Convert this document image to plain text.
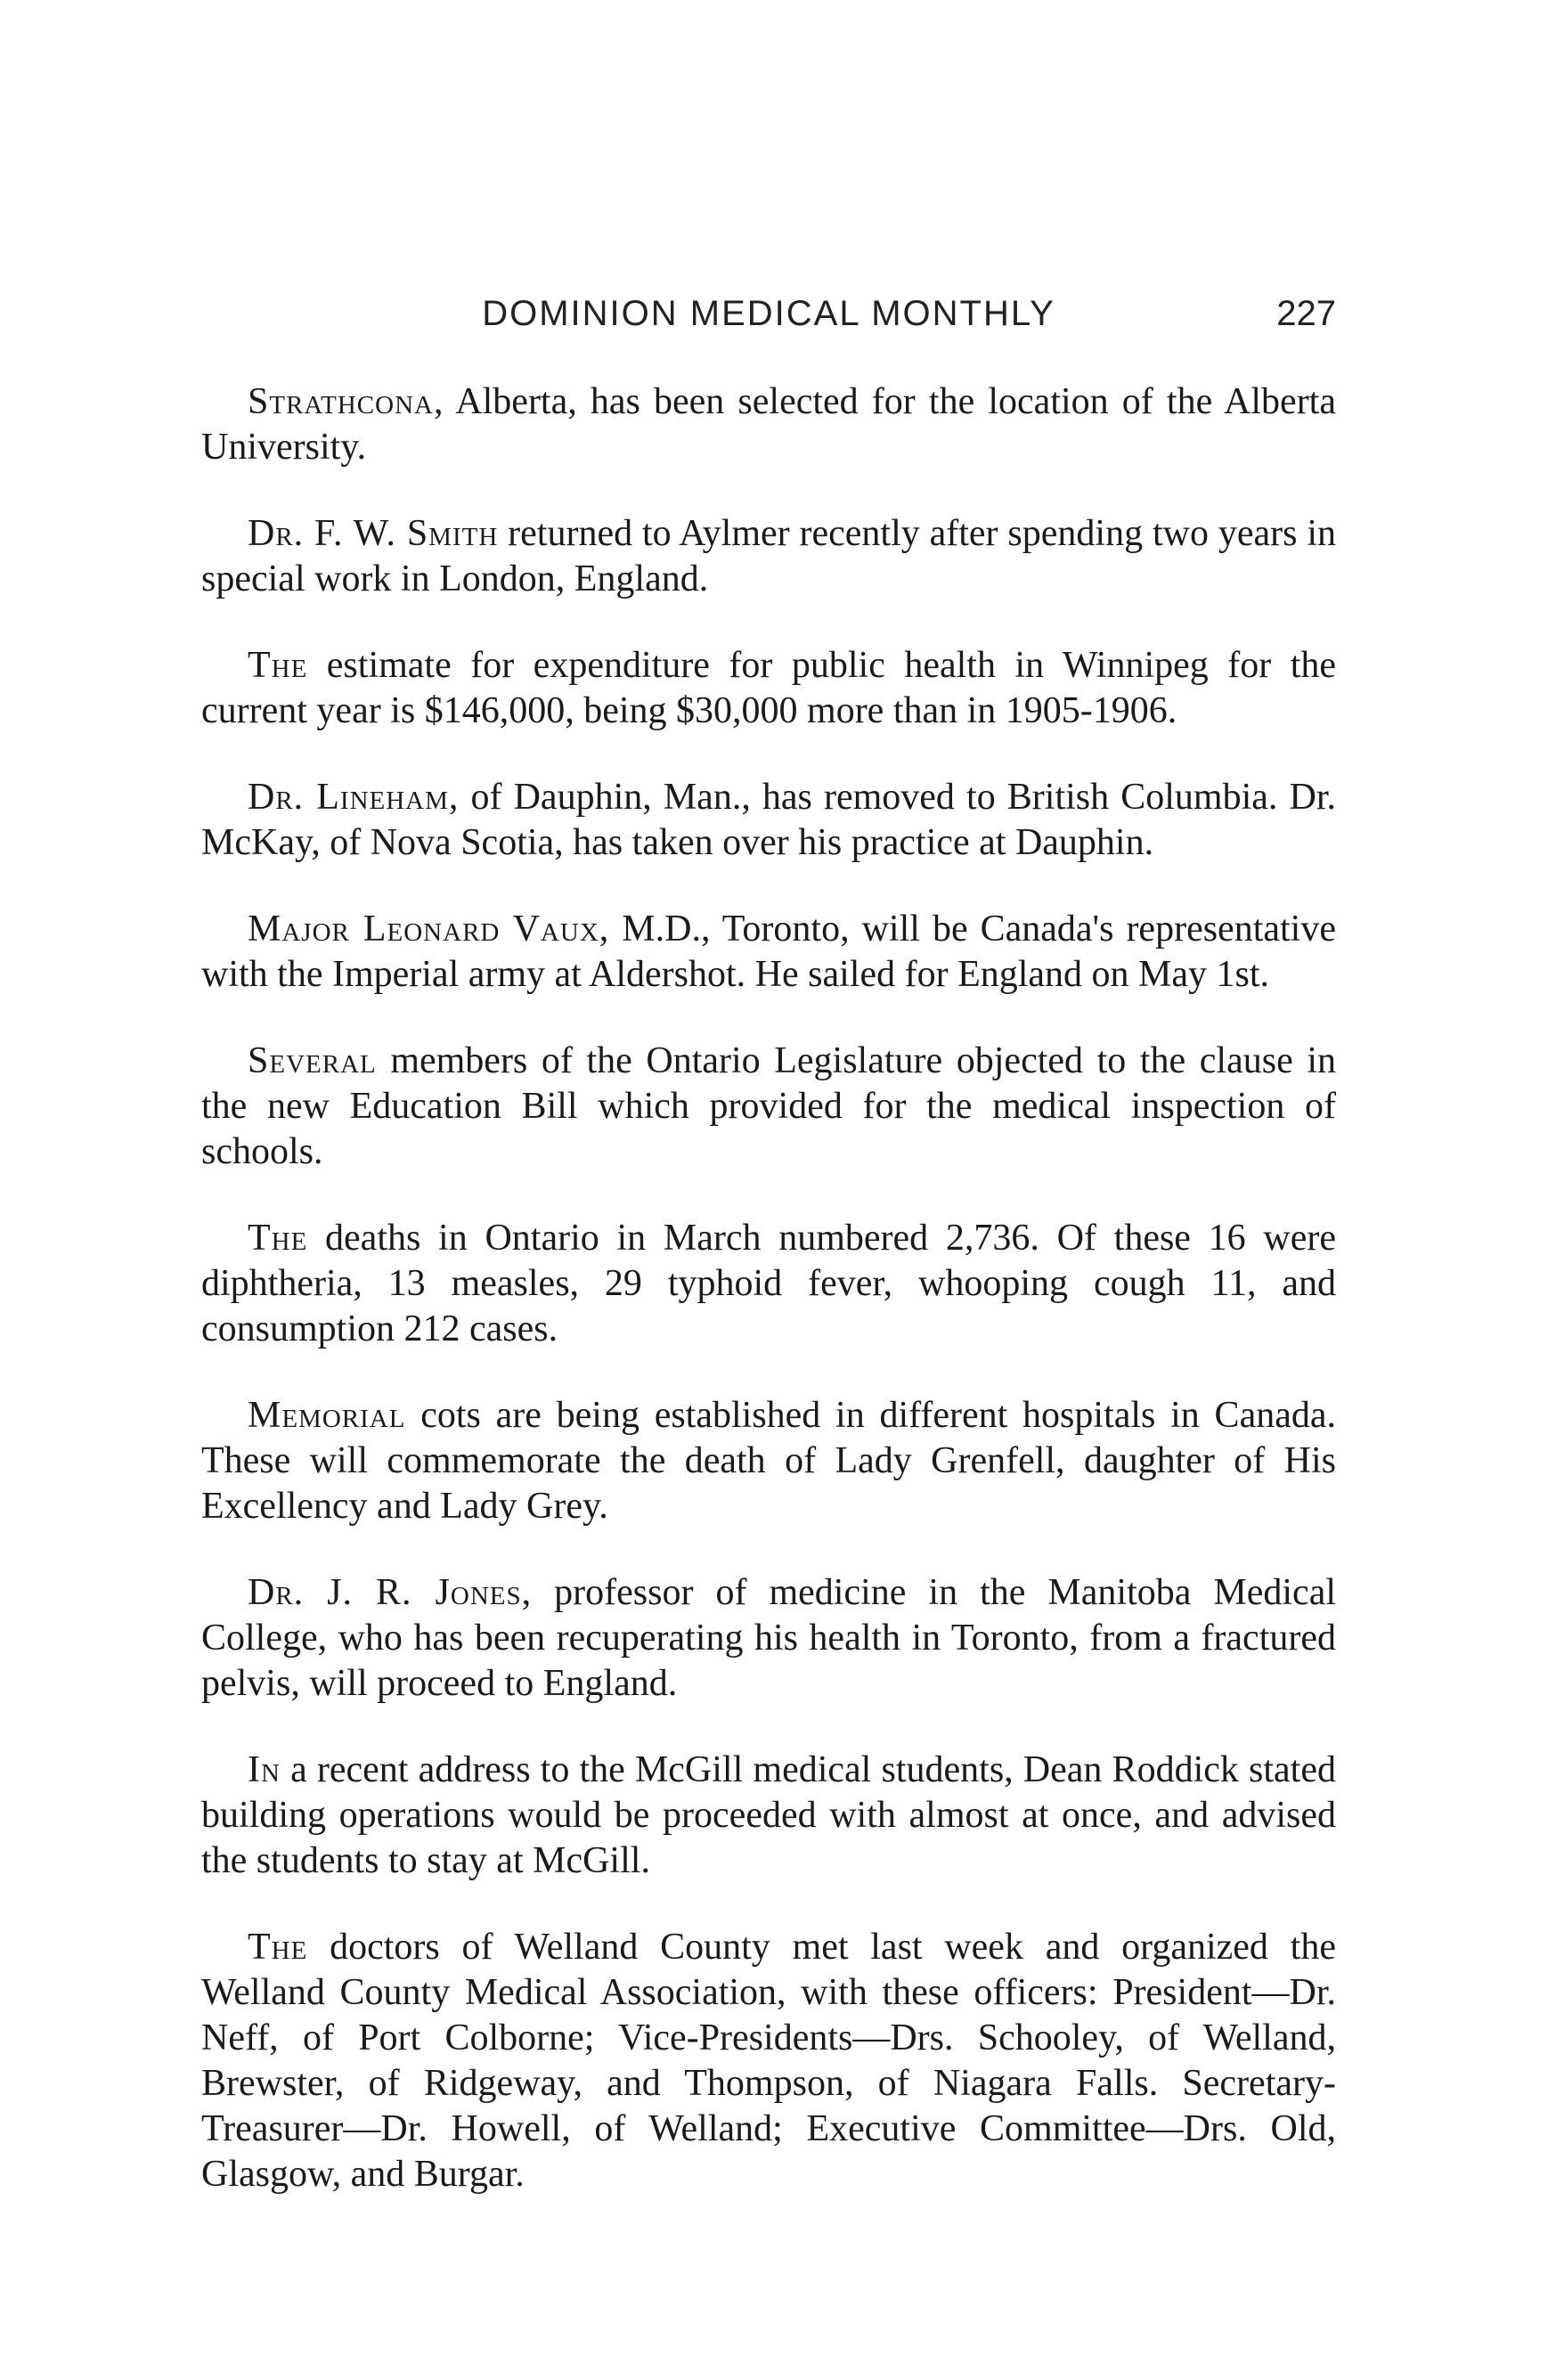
DOMINION MEDICAL MONTHLY	227

Strathcona, Alberta, has been selected for the location of the Alberta University.

Dr. F. W. Smith returned to Aylmer recently after spending two years in special work in London, England.

The estimate for expenditure for public health in Winnipeg for the current year is $146,000, being $30,000 more than in 1905-1906.

Dr. Lineham, of Dauphin, Man., has removed to British Columbia. Dr. McKay, of Nova Scotia, has taken over his practice at Dauphin.

Major Leonard Vaux, M.D., Toronto, will be Canada's representative with the Imperial army at Aldershot. He sailed for England on May 1st.

Several members of the Ontario Legislature objected to the clause in the new Education Bill which provided for the medical inspection of schools.

The deaths in Ontario in March numbered 2,736. Of these 16 were diphtheria, 13 measles, 29 typhoid fever, whooping cough 11, and consumption 212 cases.

Memorial cots are being established in different hospitals in Canada. These will commemorate the death of Lady Grenfell, daughter of His Excellency and Lady Grey.

Dr. J. R. Jones, professor of medicine in the Manitoba Medical College, who has been recuperating his health in Toronto, from a fractured pelvis, will proceed to England.

In a recent address to the McGill medical students, Dean Roddick stated building operations would be proceeded with almost at once, and advised the students to stay at McGill.

The doctors of Welland County met last week and organized the Welland County Medical Association, with these officers: President—Dr. Neff, of Port Colborne; Vice-Presidents—Drs. Schooley, of Welland, Brewster, of Ridgeway, and Thompson, of Niagara Falls. Secretary-Treasurer—Dr. Howell, of Welland; Executive Committee—Drs. Old, Glasgow, and Burgar.
